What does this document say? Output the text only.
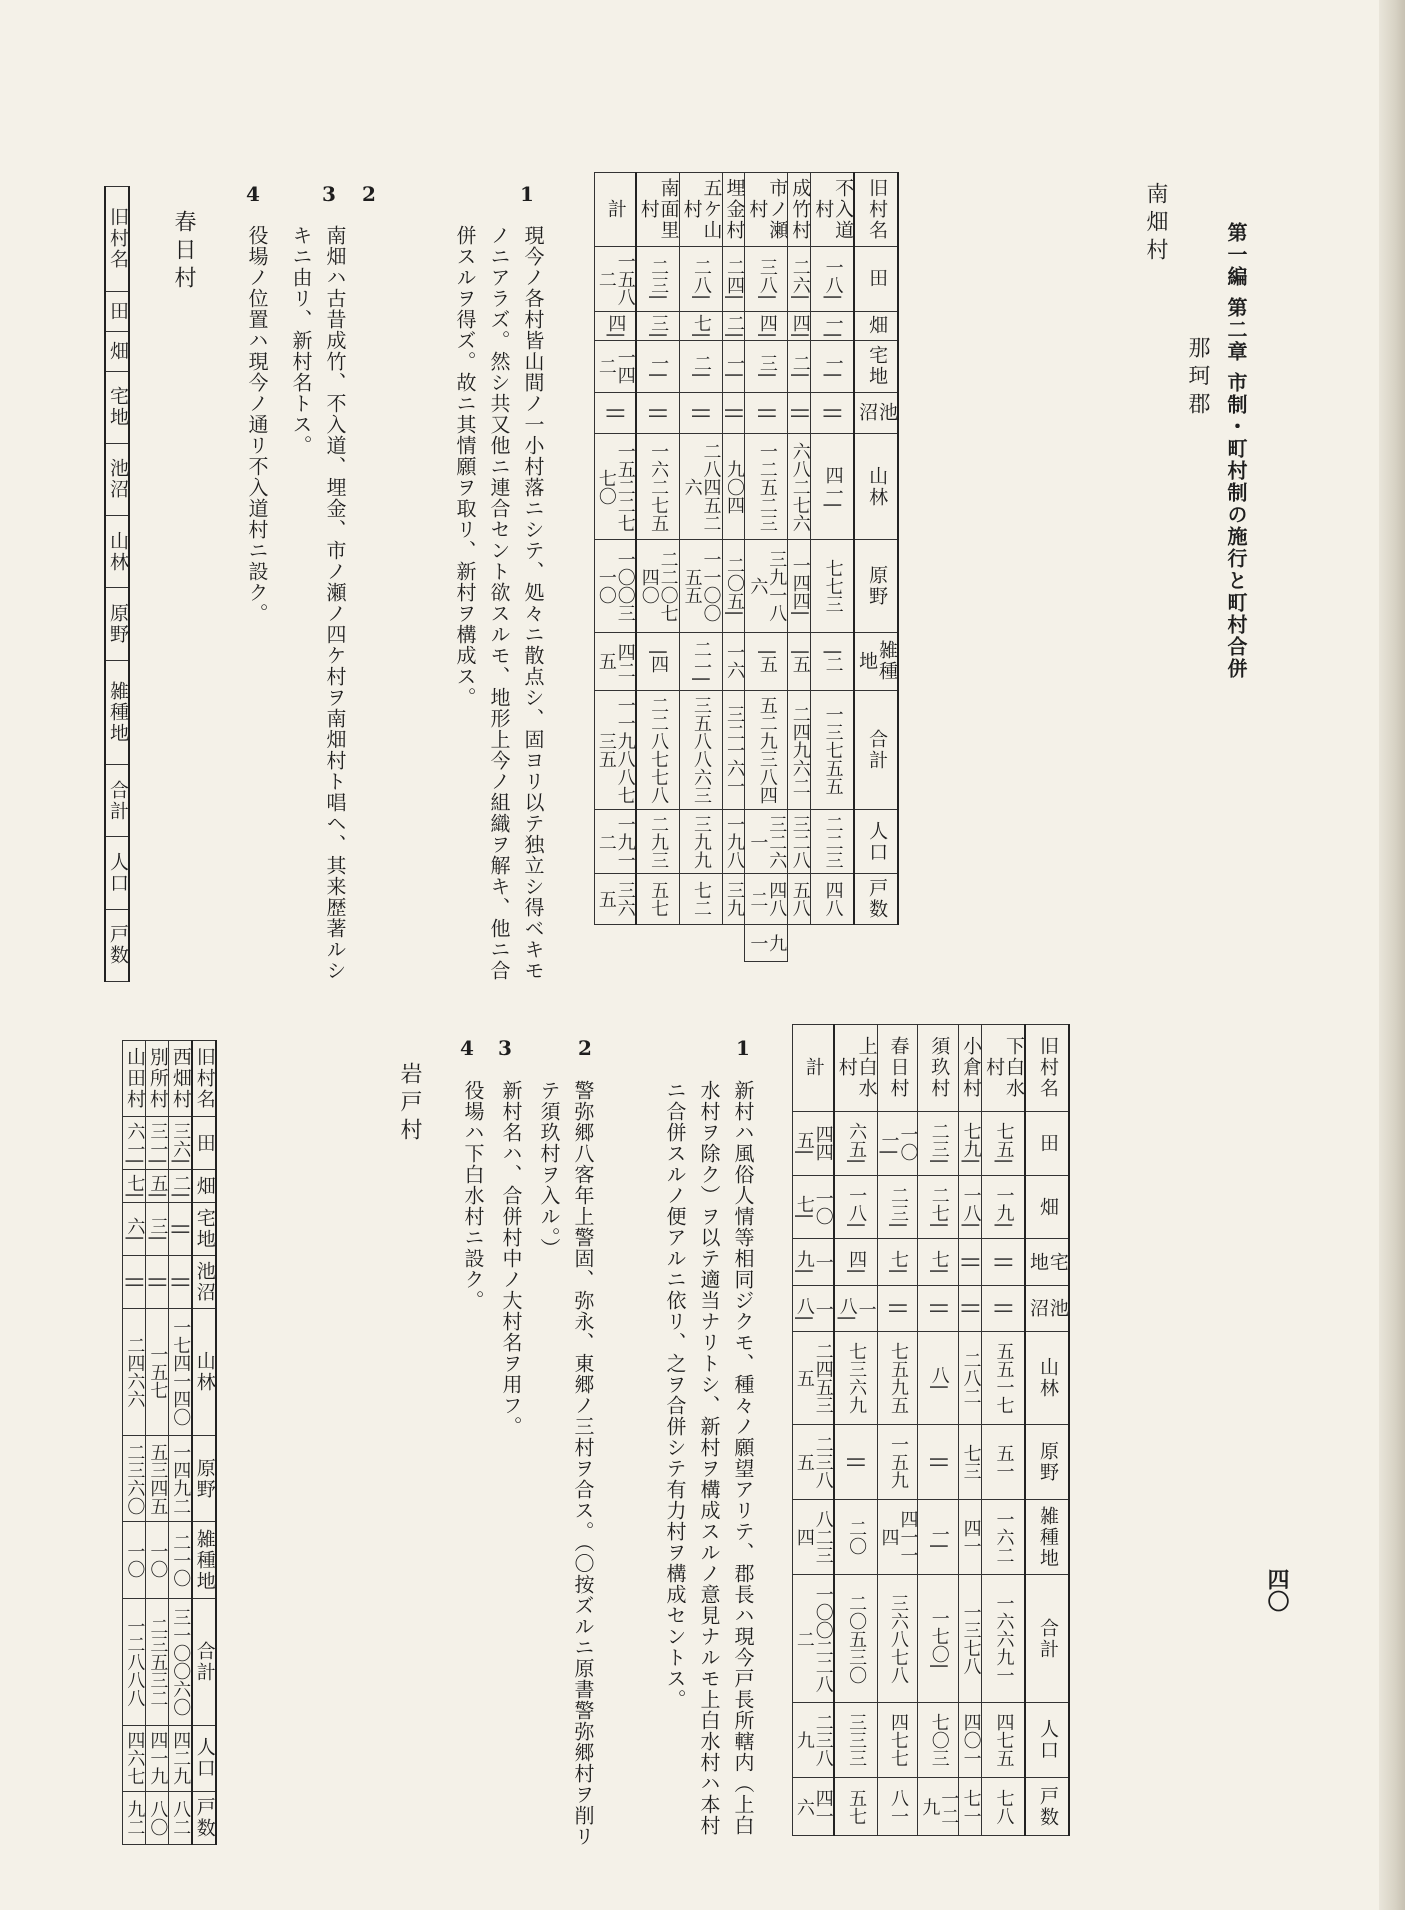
第一編 第二章 市制・町村制の施行と町村合併
四〇
南畑村
那珂郡
旧村名	田	畑	宅地	池沼	山林	原野	雑種地	合計	人口	戸数
不入道村	一八|	一|	一|	||	四一|	七七三	|二	一三七五五	二二三	四八
成竹村	二六|	四|	二|	||	六八二七六	一四四|	|五	二四九六二	三二八	五八
市ノ瀬村	三八|	四|	三|	||	一二五二三	三九一八六	|五	五二九三八四	三二六一	四八二	九一
埋金村	二四|	二|	一|	||	九〇四	二〇五|	一六	三二一六一	一九八	三九
五ケ山村	二八|	七|	二|	||	二八四五二六	一一〇〇五五	二一|	三五八八六三	三九九	七二
南面里村	二三|	三|	一|	||	一六二七五	二二〇七四〇	|四	二二八七七八	二九三	五七
計	一五八二	四|	一四二	||	一五二二七七〇	一〇〇三一〇	四二五	一一九八八七三五	一九一二	三六五
1
現今ノ各村皆山間ノ一小村落ニシテ、処々ニ散点シ、固ヨリ以テ独立シ得ベキモノニアラズ。然シ共又他ニ連合セント欲スルモ、地形上今ノ組織ヲ解キ、他ニ合併スルヲ得ズ。故ニ其情願ヲ取リ、新村ヲ構成ス。
2
3
南畑ハ古昔成竹、不入道、埋金、市ノ瀬ノ四ケ村ヲ南畑村ト唱ヘ、其来歴著ルシキニ由リ、新村名トス。
4
役場ノ位置ハ現今ノ通リ不入道村ニ設ク。
春日村
旧村名	田	畑	宅地	池沼	山林	原野	雑種地	合計	人口	戸数
旧村名	田	畑	宅地	池沼	山林	原野	雑種地	合計	人口	戸数
下白水村	七五|	一九|	||	||	五五一七	五一	一六二	一六六九一	四七五	七八
小倉村	七九|	一八|	||	||	二八二	七三	四一	一三七八	四〇一	七一
須玖村	二三|	二七|	七|	||	八|	||	一|	一七〇|	七〇三	一二九
春日村	一〇一|	二三|	七|	||	七五九五	一五九	四一一四	三六八七八	四七七	八一
上白水村	六五|	一八|	四|	一八|	七三六九	||	二〇	二〇五三〇	三三三	五七
計	四四五|	一〇七|	一九|	一八|	二四五三五	二三八五	八二三四	一〇〇二二八二	二三八九	四一六
1
新村ハ風俗人情等相同ジクモ、種々ノ願望アリテ、郡長ハ現今戸長所轄内（上白水村ヲ除ク）ヲ以テ適当ナリトシ、新村ヲ構成スルノ意見ナルモ上白水村ハ本村ニ合併スルノ便アルニ依リ、之ヲ合併シテ有力村ヲ構成セントス。
2
警弥郷八客年上警固、弥永、東郷ノ三村ヲ合ス。（〇按ズルニ原書警弥郷村ヲ削リテ須玖村ヲ入ル。）
3
新村名ハ、合併村中ノ大村名ヲ用フ。
4
役場ハ下白水村ニ設ク。
岩戸村
旧村名	田	畑	宅地	池沼	山林	原野	雑種地	合計	人口	戸数
西畑村	三六|	二|	||	||	一七四一四〇	一四九二	二一〇	三一〇〇六〇	四二九	八二
別所村	三一|	五|	三|	||	一五七	五三四五	一〇	二三五三二	四一九	八〇
山田村	六一|	七|	六|	||	二四六六	二三六〇	一〇	一二八八八	四六七	九二
